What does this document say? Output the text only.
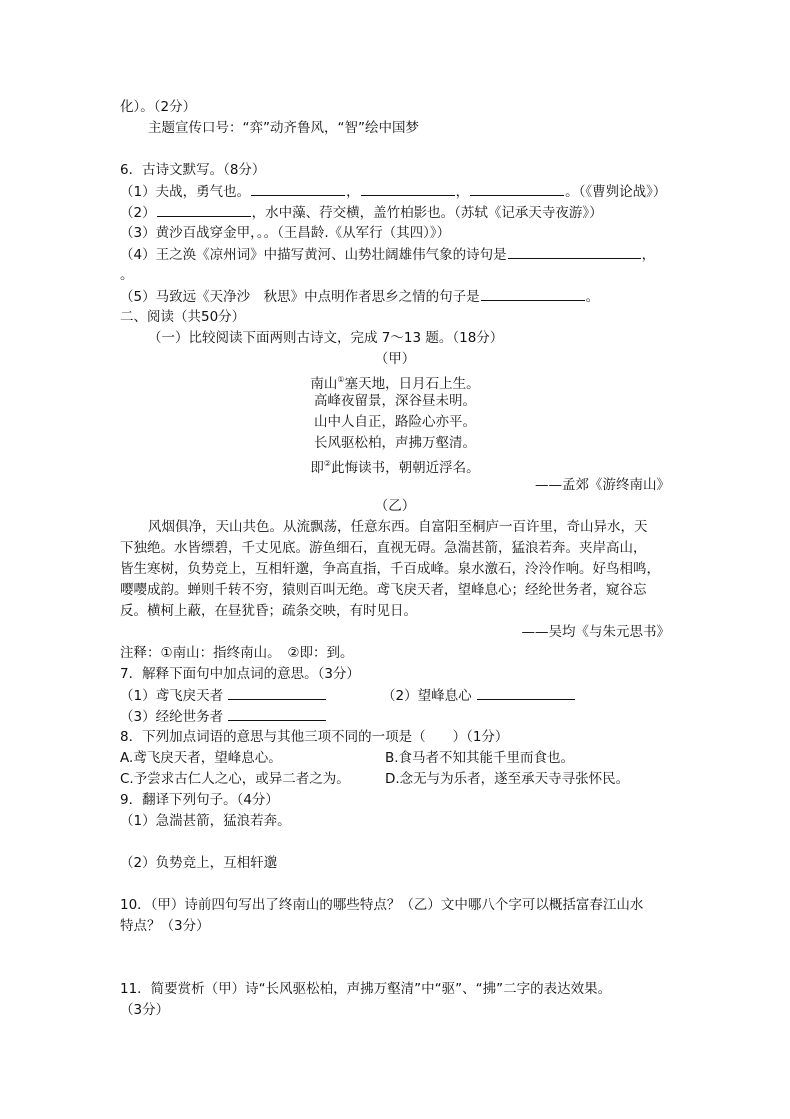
化）。（2分）
主题宣传口号：“弈”动齐鲁风，“智”绘中国梦
6．古诗文默写。（8分）
（1）夫战，勇气也。	，	，	。（《曹刿论战》）
（2）	，水中藻、荇交横，盖竹柏影也。（苏轼《记承天寺夜游》）
（3）黄沙百战穿金甲，。。（王昌龄.《从军行（其四）》）
（4）王之涣《凉州词》中描写黄河、山势壮阔雄伟气象的诗句是	，
。
（5）马致远《天净沙　秋思》中点明作者思乡之情的句子是	。
二、阅读（共50分）
（一）比较阅读下面两则古诗文，完成 7～13 题。（18分）
（甲）
南山①塞天地，日月石上生。
高峰夜留景，深谷昼未明。
山中人自正，路险心亦平。
长风驱松柏，声拂万壑清。
即②此悔读书，朝朝近浮名。
——孟郊《游终南山》
（乙）
风烟俱净，天山共色。从流飘荡，任意东西。自富阳至桐庐一百许里，奇山异水，天
下独绝。水皆缥碧，千丈见底。游鱼细石，直视无碍。急湍甚箭，猛浪若奔。夹岸高山，
皆生寒树，负势竞上，互相轩邈，争高直指，千百成峰。泉水激石，泠泠作响。好鸟相鸣，
嘤嘤成韵。蝉则千转不穷，猿则百叫无绝。鸢飞戾天者，望峰息心；经纶世务者，窥谷忘
反。横柯上蔽，在昼犹昏；疏条交映，有时见日。
——吴均《与朱元思书》
注释：①南山：指终南山。　②即：到。
7．解释下面句中加点词的意思。（3分）
（1）鸢飞戾天者	（2）望峰息心
（3）经纶世务者
8．下列加点词语的意思与其他三项不同的一项是（　　）（1分）
A.鸢飞戾天者，望峰息心。	B.食马者不知其能千里而食也。
C.予尝求古仁人之心，或异二者之为。	D.念无与为乐者，遂至承天寺寻张怀民。
9．翻译下列句子。（4分）
（1）急湍甚箭，猛浪若奔。
（2）负势竞上，互相轩邈
10．（甲）诗前四句写出了终南山的哪些特点？（乙）文中哪八个字可以概括富春江山水
特点？（3分）
11．简要赏析（甲）诗“长风驱松柏，声拂万壑清”中“驱”、“拂”二字的表达效果。
（3分）
